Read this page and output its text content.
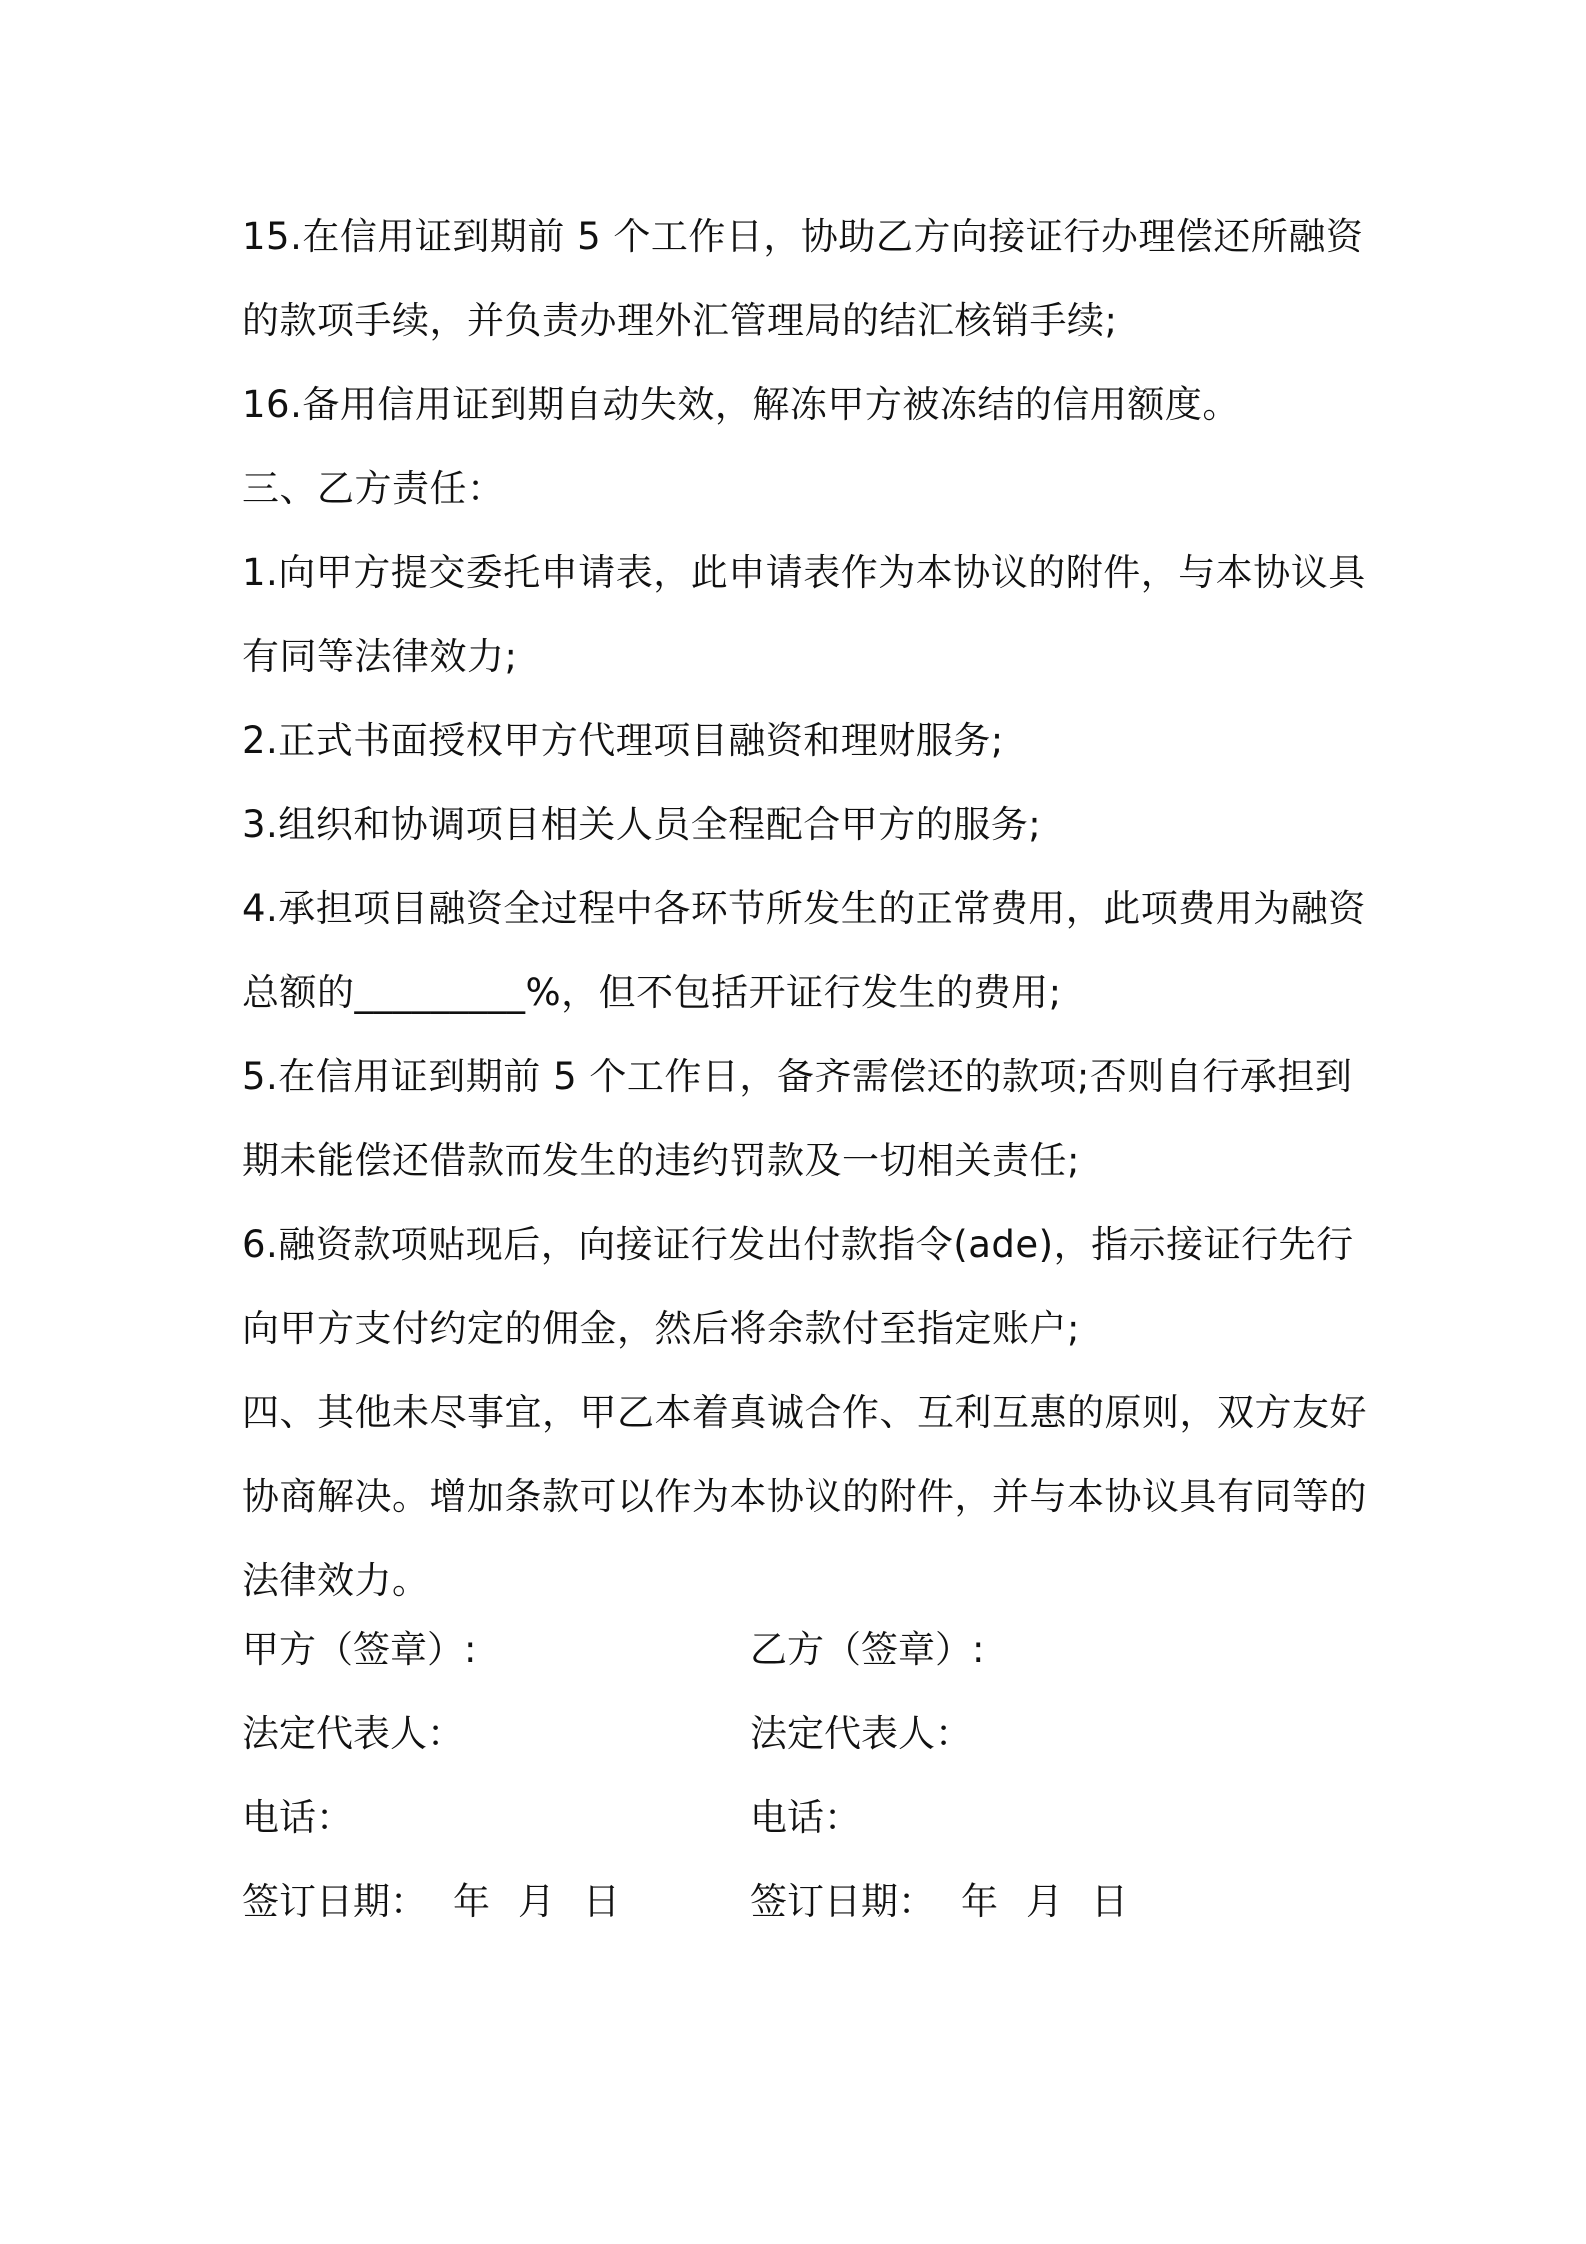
15.在信用证到期前 5 个工作日，协助乙方向接证行办理偿还所融资
的款项手续，并负责办理外汇管理局的结汇核销手续;
16.备用信用证到期自动失效，解冻甲方被冻结的信用额度。
三、乙方责任：
1.向甲方提交委托申请表，此申请表作为本协议的附件，与本协议具
有同等法律效力;
2.正式书面授权甲方代理项目融资和理财服务;
3.组织和协调项目相关人员全程配合甲方的服务;
4.承担项目融资全过程中各环节所发生的正常费用，此项费用为融资
总额的_________%，但不包括开证行发生的费用;
5.在信用证到期前 5 个工作日，备齐需偿还的款项;否则自行承担到
期未能偿还借款而发生的违约罚款及一切相关责任;
6.融资款项贴现后，向接证行发出付款指令(ade)，指示接证行先行
向甲方支付约定的佣金，然后将余款付至指定账户;
四、其他未尽事宜，甲乙本着真诚合作、互利互惠的原则，双方友好
协商解决。增加条款可以作为本协议的附件，并与本协议具有同等的
法律效力。
甲方（签章）:	乙方（签章）:
法定代表人：	法定代表人：
电话：	电话：
签订日期： 年 月 日	签订日期： 年 月 日
